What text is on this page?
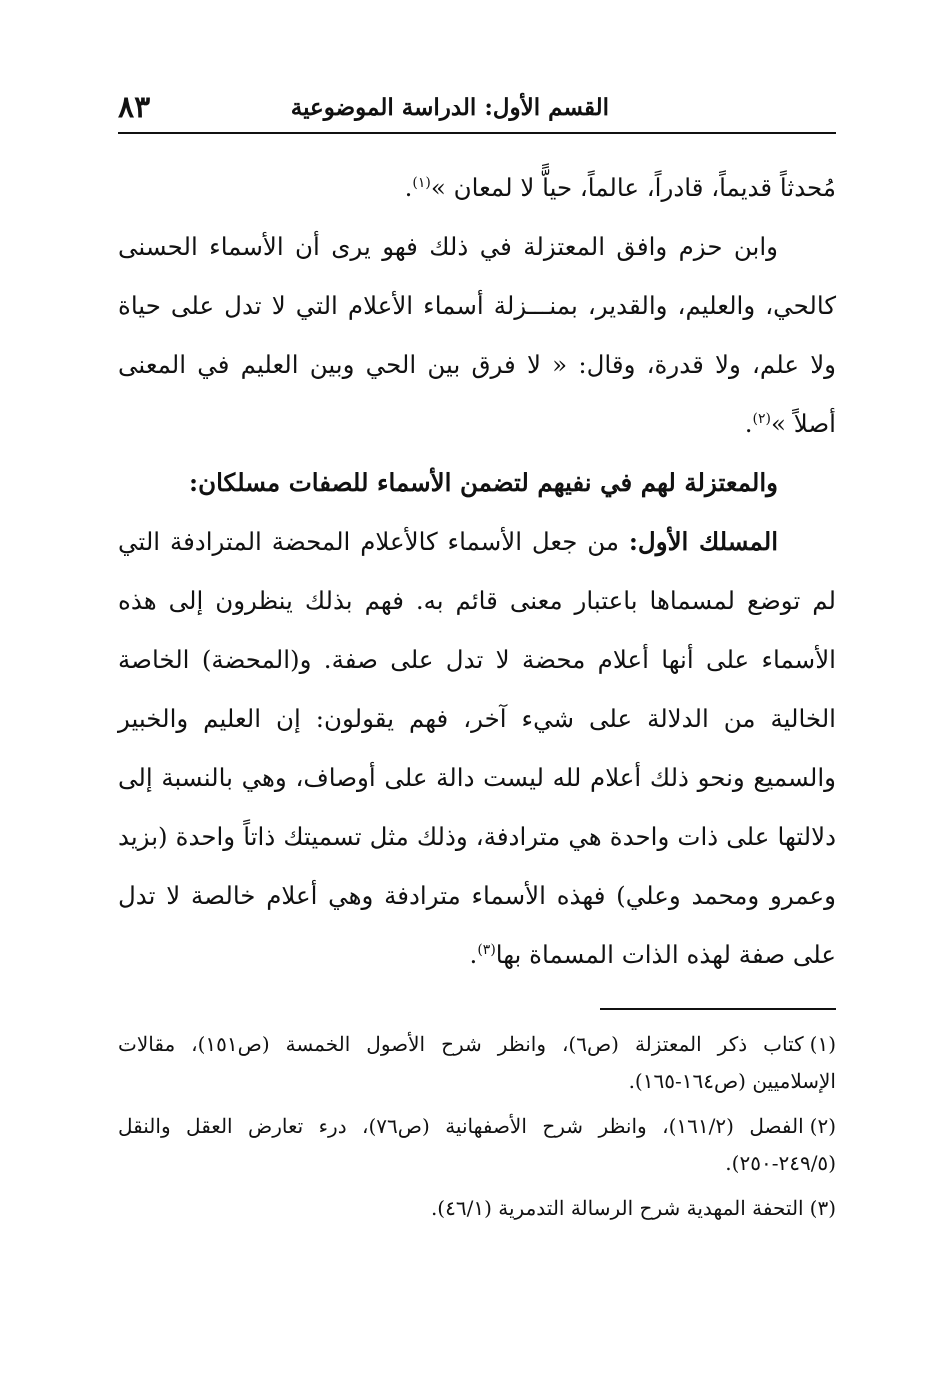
٨٣	القسم الأول: الدراسة الموضوعية

مُحدثاً قديماً، قادراً، عالماً، حياًّ لا لمعان »$^{(١)}$.

وابن حزم وافق المعتزلة في ذلك فهو يرى أن الأسماء الحسنى كالحي، والعليم، والقدير، بمنـــزلة أسماء الأعلام التي لا تدل على حياة ولا علم، ولا قدرة، وقال: « لا فرق بين الحي وبين العليم في المعنى أصلاً »$^{(٢)}$.

والمعتزلة لهم في نفيهم لتضمن الأسماء للصفات مسلكان:

المسلك الأول: من جعل الأسماء كالأعلام المحضة المترادفة التي لم توضع لمسماها باعتبار معنى قائم به. فهم بذلك ينظرون إلى هذه الأسماء على أنها أعلام محضة لا تدل على صفة. و(المحضة) الخاصة الخالية من الدلالة على شيء آخر، فهم يقولون: إن العليم والخبير والسميع ونحو ذلك أعلام لله ليست دالة على أوصاف، وهي بالنسبة إلى دلالتها على ذات واحدة هي مترادفة، وذلك مثل تسميتك ذاتاً واحدة (بزيد وعمرو ومحمد وعلي) فهذه الأسماء مترادفة وهي أعلام خالصة لا تدل على صفة لهذه الذات المسماة بها$^{(٣)}$.

(١)كتاب ذكر المعتزلة (ص٦)، وانظر شرح الأصول الخمسة (ص١٥١)، مقالات الإسلاميين (ص١٦٤-١٦٥).

(٢)الفصل (١٦١/٢)، وانظر شرح الأصفهانية (ص٧٦)، درء تعارض العقل والنقل (٢٤٩/٥-٢٥٠).

(٣)التحفة المهدية شرح الرسالة التدمرية (٤٦/١).
